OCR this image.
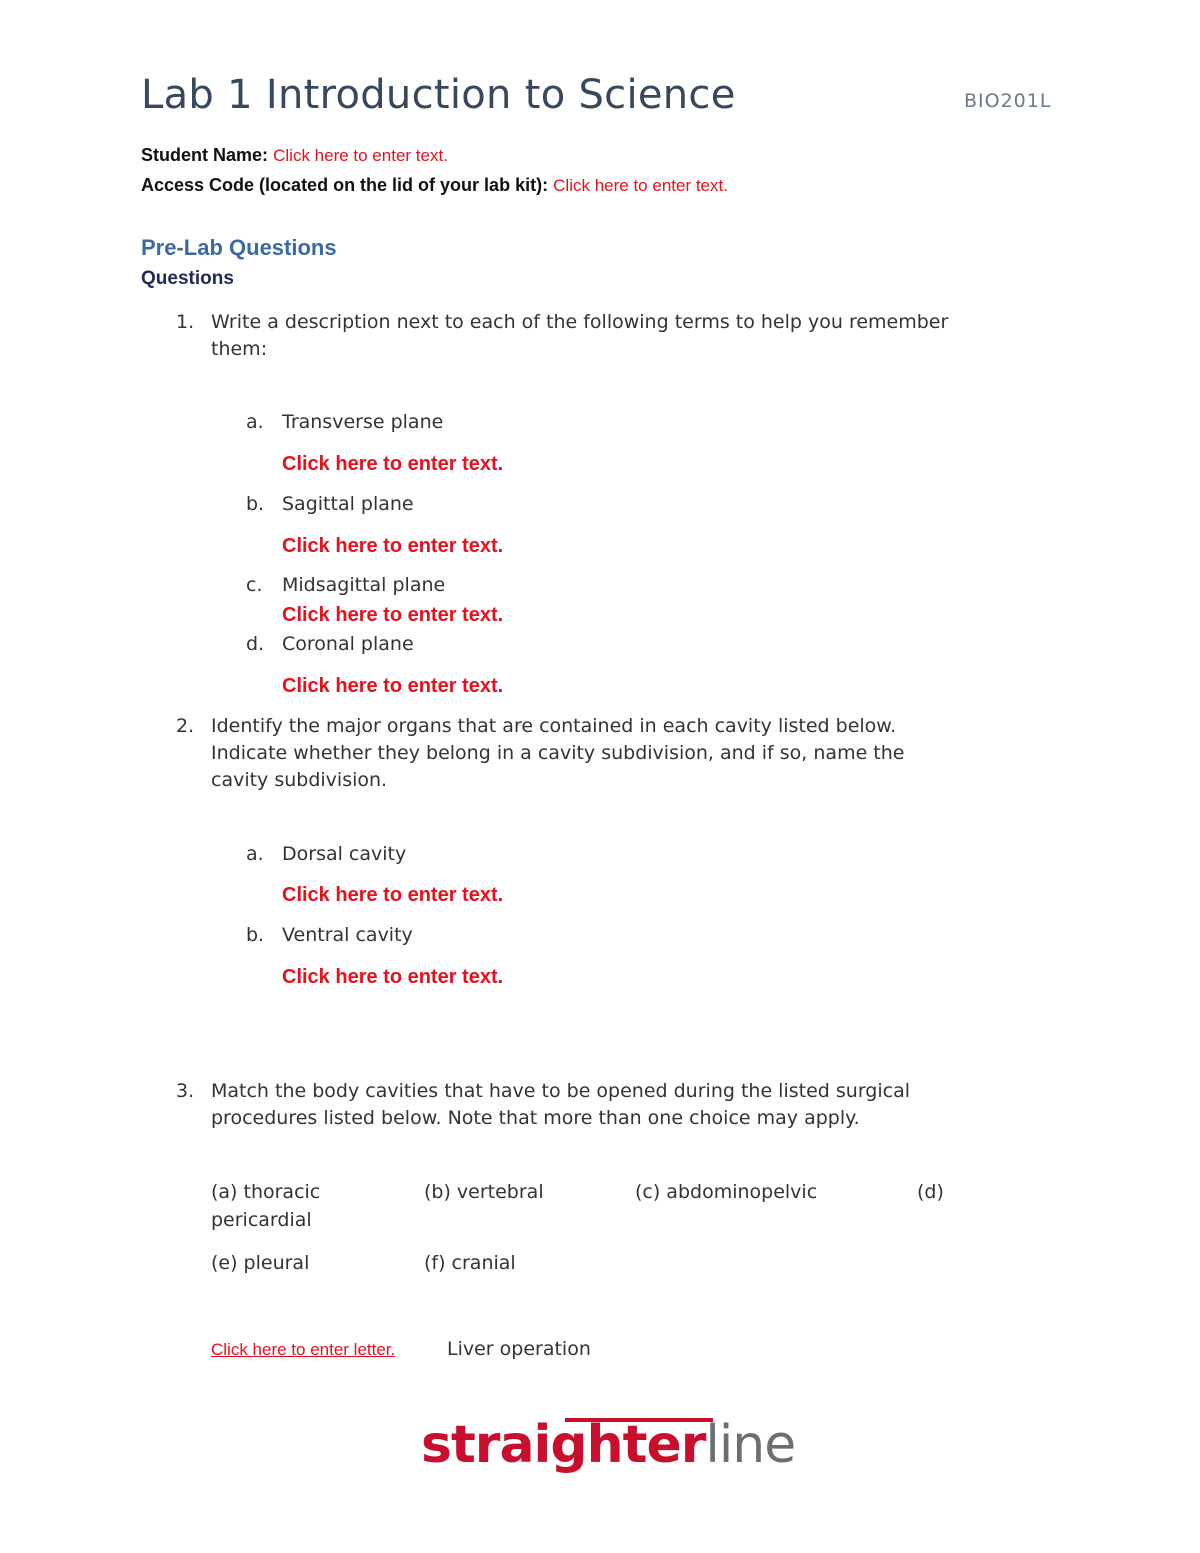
Lab 1 Introduction to Science	BIO201L
Student Name: Click here to enter text.
Access Code (located on the lid of your lab kit): Click here to enter text.
Pre-Lab Questions
Questions
1. Write a description next to each of the following terms to help you remember
them:
a. Transverse plane
Click here to enter text.
b. Sagittal plane
Click here to enter text.
c. Midsagittal plane
Click here to enter text.
d. Coronal plane
Click here to enter text.
2. Identify the major organs that are contained in each cavity listed below.
Indicate whether they belong in a cavity subdivision, and if so, name the
cavity subdivision.
a. Dorsal cavity
Click here to enter text.
b. Ventral cavity
Click here to enter text.
3. Match the body cavities that have to be opened during the listed surgical
procedures listed below. Note that more than one choice may apply.
(a) thoracic	(b) vertebral	(c) abdominopelvic	(d)
pericardial
(e) pleural	(f) cranial
Click here to enter letter.	Liver operation
straighterline
